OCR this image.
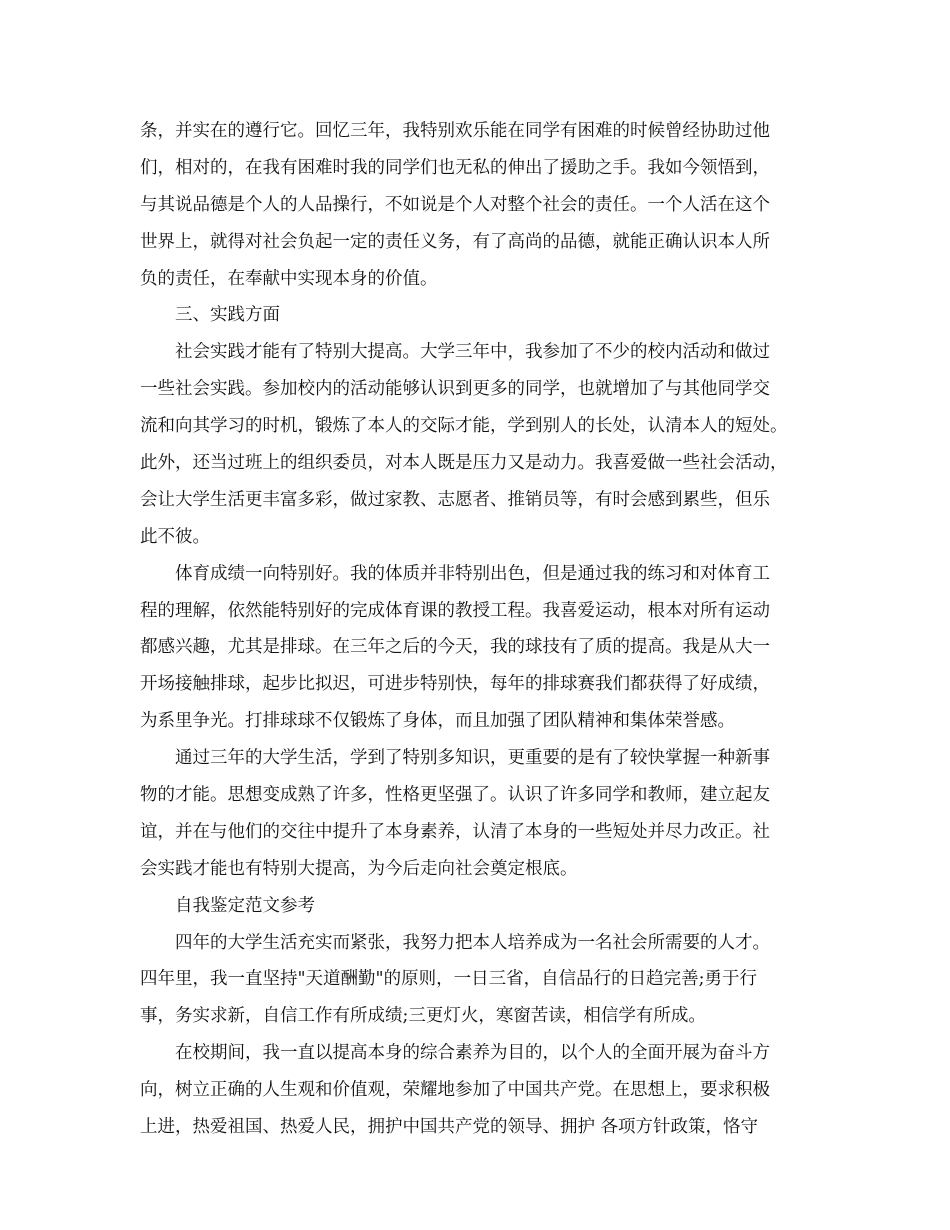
条，并实在的遵行它。回忆三年，我特别欢乐能在同学有困难的时候曾经协助过他
们，相对的，在我有困难时我的同学们也无私的伸出了援助之手。我如今领悟到，
与其说品德是个人的人品操行，不如说是个人对整个社会的责任。一个人活在这个
世界上，就得对社会负起一定的责任义务，有了高尚的品德，就能正确认识本人所
负的责任，在奉献中实现本身的价值。
三、实践方面
社会实践才能有了特别大提高。大学三年中，我参加了不少的校内活动和做过
一些社会实践。参加校内的活动能够认识到更多的同学，也就增加了与其他同学交
流和向其学习的时机，锻炼了本人的交际才能，学到别人的长处，认清本人的短处。
此外，还当过班上的组织委员，对本人既是压力又是动力。我喜爱做一些社会活动，
会让大学生活更丰富多彩，做过家教、志愿者、推销员等，有时会感到累些，但乐
此不彼。
体育成绩一向特别好。我的体质并非特别出色，但是通过我的练习和对体育工
程的理解，依然能特别好的完成体育课的教授工程。我喜爱运动，根本对所有运动
都感兴趣，尤其是排球。在三年之后的今天，我的球技有了质的提高。我是从大一
开场接触排球，起步比拟迟，可进步特别快，每年的排球赛我们都获得了好成绩，
为系里争光。打排球球不仅锻炼了身体，而且加强了团队精神和集体荣誉感。
通过三年的大学生活，学到了特别多知识，更重要的是有了较快掌握一种新事
物的才能。思想变成熟了许多，性格更坚强了。认识了许多同学和教师，建立起友
谊，并在与他们的交往中提升了本身素养，认清了本身的一些短处并尽力改正。社
会实践才能也有特别大提高，为今后走向社会奠定根底。
自我鉴定范文参考
四年的大学生活充实而紧张，我努力把本人培养成为一名社会所需要的人才。
四年里，我一直坚持"天道酬勤"的原则，一日三省，自信品行的日趋完善;勇于行
事，务实求新，自信工作有所成绩;三更灯火，寒窗苦读，相信学有所成。
在校期间，我一直以提高本身的综合素养为目的，以个人的全面开展为奋斗方
向，树立正确的人生观和价值观，荣耀地参加了中国共产党。在思想上，要求积极
上进，热爱祖国、热爱人民，拥护中国共产党的领导、拥护 各项方针政策，恪守
